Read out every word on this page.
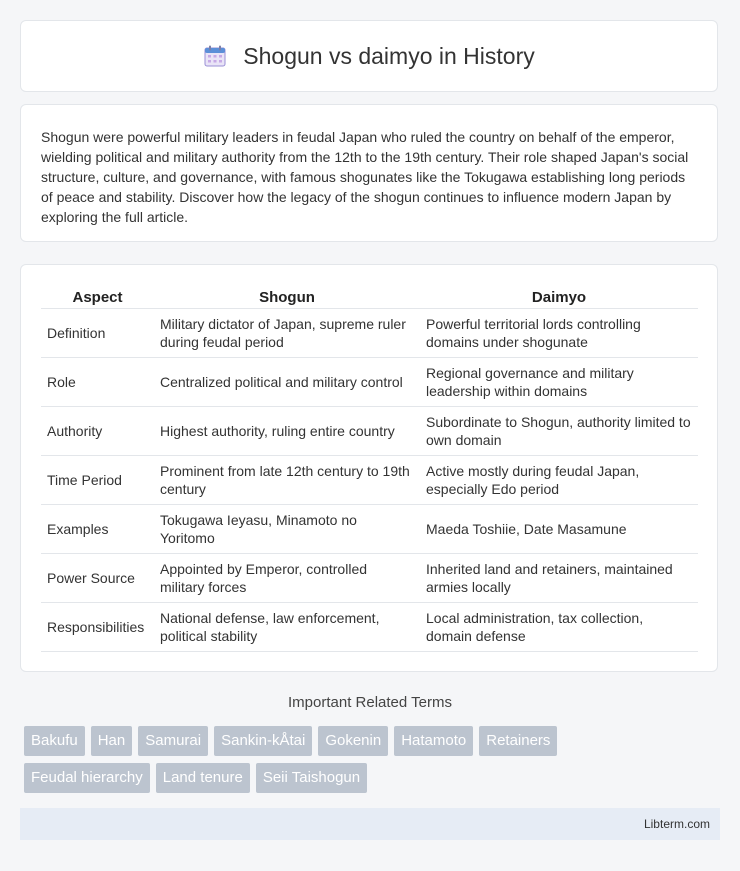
Shogun vs daimyo in History

Shogun were powerful military leaders in feudal Japan who ruled the country on behalf of the emperor, wielding political and military authority from the 12th to the 19th century. Their role shaped Japan's social structure, culture, and governance, with famous shogunates like the Tokugawa establishing long periods of peace and stability. Discover how the legacy of the shogun continues to influence modern Japan by exploring the full article.

Aspect	Shogun	Daimyo
Definition	Military dictator of Japan, supreme ruler during feudal period	Powerful territorial lords controlling domains under shogunate
Role	Centralized political and military control	Regional governance and military leadership within domains
Authority	Highest authority, ruling entire country	Subordinate to Shogun, authority limited to own domain
Time Period	Prominent from late 12th century to 19th century	Active mostly during feudal Japan, especially Edo period
Examples	Tokugawa Ieyasu, Minamoto no Yoritomo	Maeda Toshiie, Date Masamune
Power Source	Appointed by Emperor, controlled military forces	Inherited land and retainers, maintained armies locally
Responsibilities	National defense, law enforcement, political stability	Local administration, tax collection, domain defense
Important Related Terms
Bakufu Han Samurai Sankin-kÅtai Gokenin Hatamoto Retainers
Feudal hierarchy Land tenure Seii Taishogun
Libterm.com
